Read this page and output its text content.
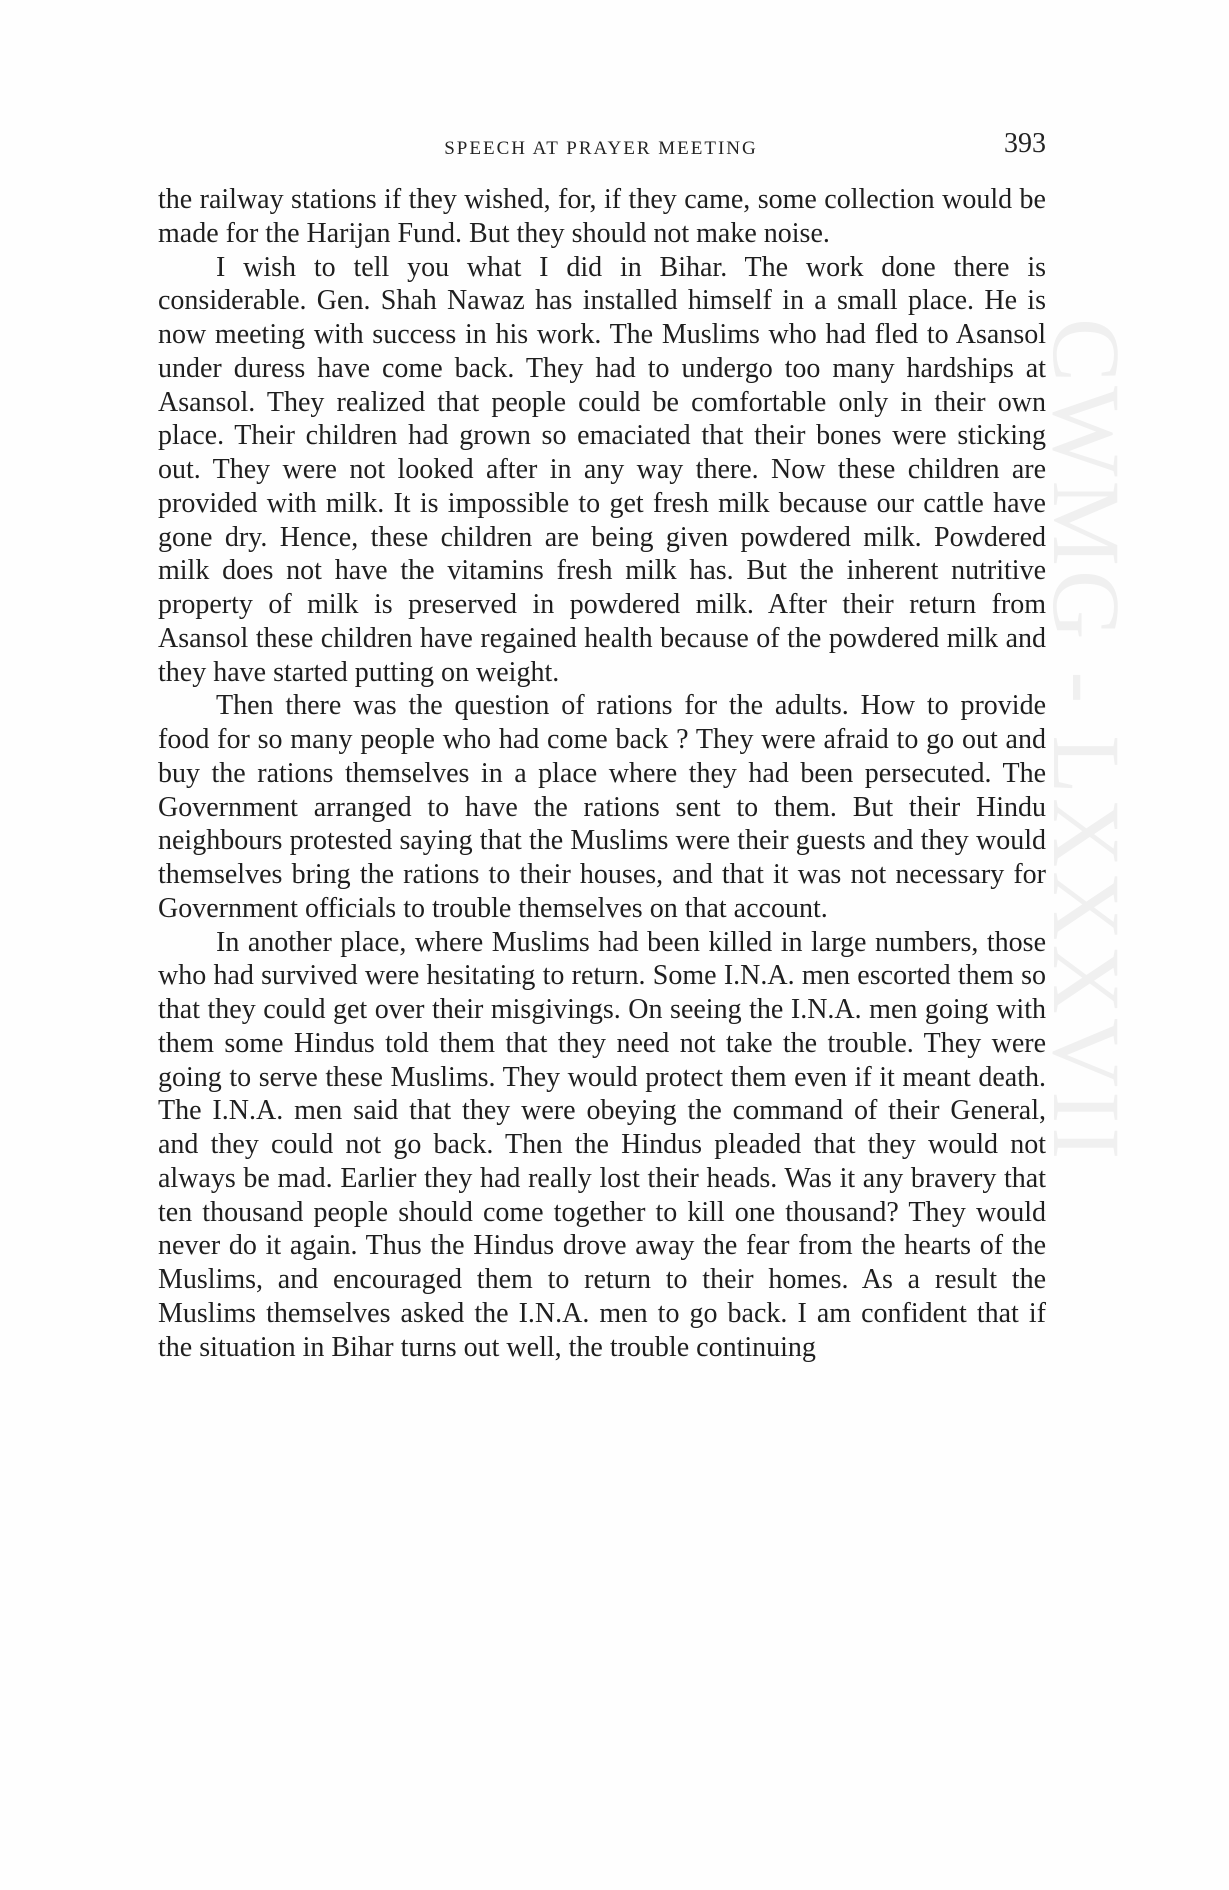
CWMG - LXXXVII
SPEECH AT PRAYER MEETING	393

the railway stations if they wished, for, if they came, some collection would be made for the Harijan Fund. But they should not make noise.

I wish to tell you what I did in Bihar. The work done there is considerable. Gen. Shah Nawaz has installed himself in a small place. He is now meeting with success in his work. The Muslims who had fled to Asansol under duress have come back. They had to undergo too many hardships at Asansol. They realized that people could be comfortable only in their own place. Their children had grown so emaciated that their bones were sticking out. They were not looked after in any way there. Now these children are provided with milk. It is impossible to get fresh milk because our cattle have gone dry. Hence, these children are being given powdered milk. Powdered milk does not have the vitamins fresh milk has. But the inherent nutritive property of milk is preserved in powdered milk. After their return from Asansol these children have regained health because of the powdered milk and they have started putting on weight.

Then there was the question of rations for the adults. How to provide food for so many people who had come back ? They were afraid to go out and buy the rations themselves in a place where they had been persecuted. The Government arranged to have the rations sent to them. But their Hindu neighbours protested saying that the Muslims were their guests and they would themselves bring the rations to their houses, and that it was not necessary for Government officials to trouble themselves on that account.

In another place, where Muslims had been killed in large numbers, those who had survived were hesitating to return. Some I.N.A. men escorted them so that they could get over their misgivings. On seeing the I.N.A. men going with them some Hindus told them that they need not take the trouble. They were going to serve these Muslims. They would protect them even if it meant death. The I.N.A. men said that they were obeying the command of their General, and they could not go back. Then the Hindus pleaded that they would not always be mad. Earlier they had really lost their heads. Was it any bravery that ten thousand people should come together to kill one thousand? They would never do it again. Thus the Hindus drove away the fear from the hearts of the Muslims, and encouraged them to return to their homes. As a result the Muslims themselves asked the I.N.A. men to go back. I am confident that if the situation in Bihar turns out well, the trouble continuing
